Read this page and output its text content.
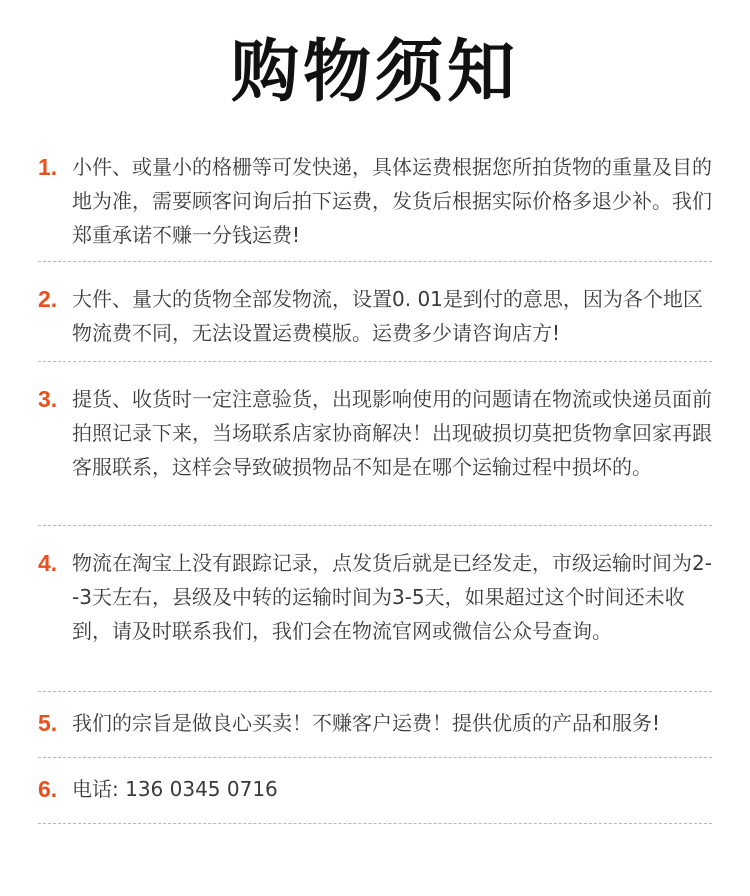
购物须知
1. 小件、或量小的格栅等可发快递，具体运费根据您所拍货物的重量及目的地为准，需要顾客问询后拍下运费，发货后根据实际价格多退少补。我们郑重承诺不赚一分钱运费!
2. 大件、量大的货物全部发物流，设置0. 01是到付的意思，因为各个地区物流费不同，无法设置运费模版。运费多少请咨询店方!
3. 提货、收货时一定注意验货，出现影响使用的问题请在物流或快递员面前拍照记录下来，当场联系店家协商解决！出现破损切莫把货物拿回家再跟客服联系，这样会导致破损物品不知是在哪个运输过程中损坏的。
4. 物流在淘宝上没有跟踪记录，点发货后就是已经发走，市级运输时间为2- -3天左右，县级及中转的运输时间为3-5天，如果超过这个时间还未收到，请及时联系我们，我们会在物流官网或微信公众号查询。
5. 我们的宗旨是做良心买卖！不赚客户运费！提供优质的产品和服务!
6. 电话: 136 0345 0716
